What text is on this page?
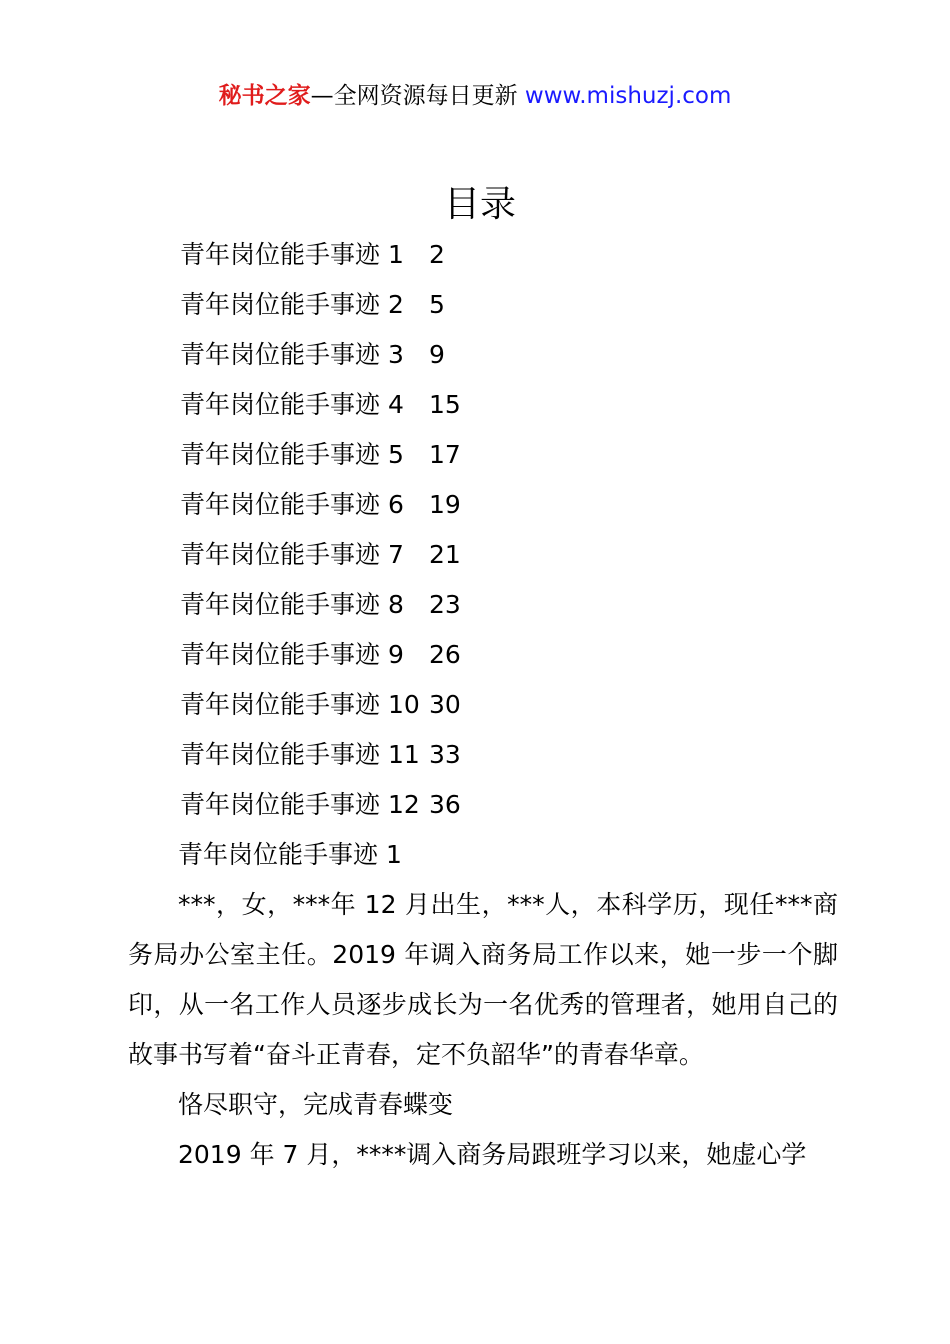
秘书之家—全网资源每日更新 www.mishuzj.com
目录
青年岗位能手事迹 1 2
青年岗位能手事迹 2 5
青年岗位能手事迹 3 9
青年岗位能手事迹 4 15
青年岗位能手事迹 5 17
青年岗位能手事迹 6 19
青年岗位能手事迹 7 21
青年岗位能手事迹 8 23
青年岗位能手事迹 9 26
青年岗位能手事迹 10 30
青年岗位能手事迹 11 33
青年岗位能手事迹 12 36

青年岗位能手事迹 1

***，女，***年 12 月出生，***人，本科学历，现任***商务局办公室主任。2019 年调入商务局工作以来，她一步一个脚印，从一名工作人员逐步成长为一名优秀的管理者，她用自己的故事书写着“奋斗正青春，定不负韶华”的青春华章。

恪尽职守，完成青春蝶变

2019 年 7 月，****调入商务局跟班学习以来，她虚心学
